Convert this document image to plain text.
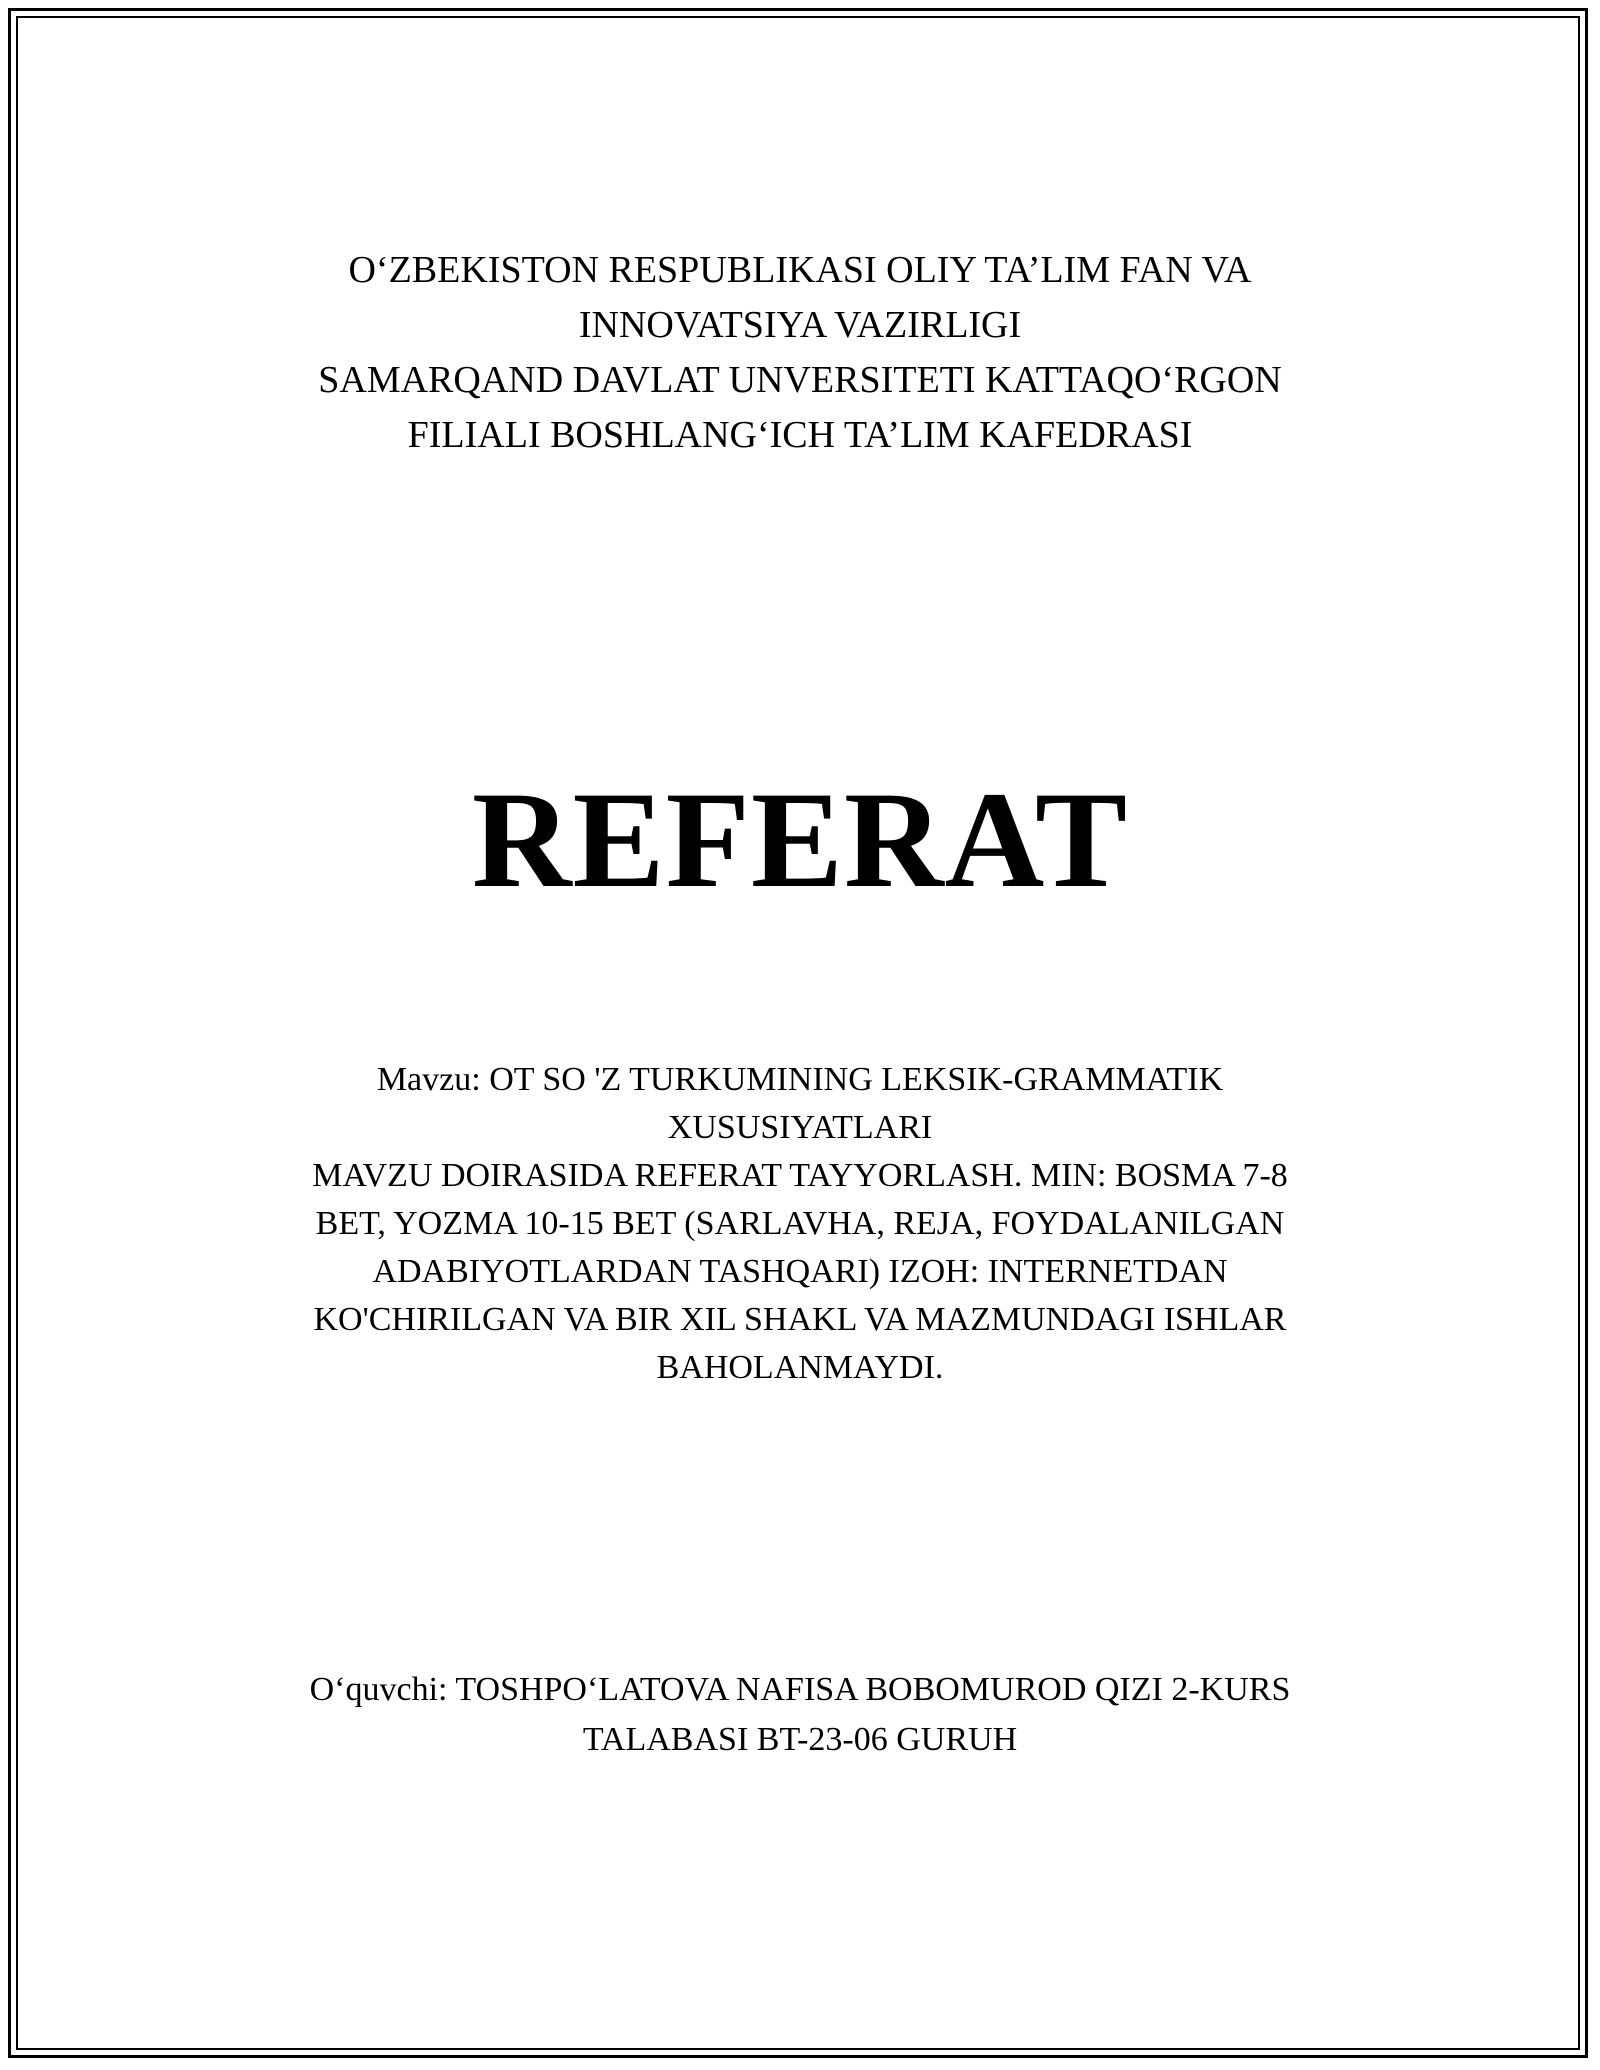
O‘ZBEKISTON RESPUBLIKASI OLIY TA’LIM FAN VA
INNOVATSIYA VAZIRLIGI
SAMARQAND DAVLAT UNVERSITETI KATTAQO‘RGON
FILIALI BOSHLANG‘ICH TA’LIM KAFEDRASI
REFERAT
Mavzu: OT SO 'Z TURKUMINING LEKSIK-GRAMMATIK
XUSUSIYATLARI
MAVZU DOIRASIDA REFERAT TAYYORLASH. MIN: BOSMA 7-8
BET, YOZMA 10-15 BET (SARLAVHA, REJA, FOYDALANILGAN
ADABIYOTLARDAN TASHQARI) IZOH: INTERNETDAN
KO'CHIRILGAN VA BIR XIL SHAKL VA MAZMUNDAGI ISHLAR
BAHOLANMAYDI.
O‘quvchi: TOSHPO‘LATOVA NAFISA BOBOMUROD QIZI 2-KURS
TALABASI BT-23-06 GURUH
